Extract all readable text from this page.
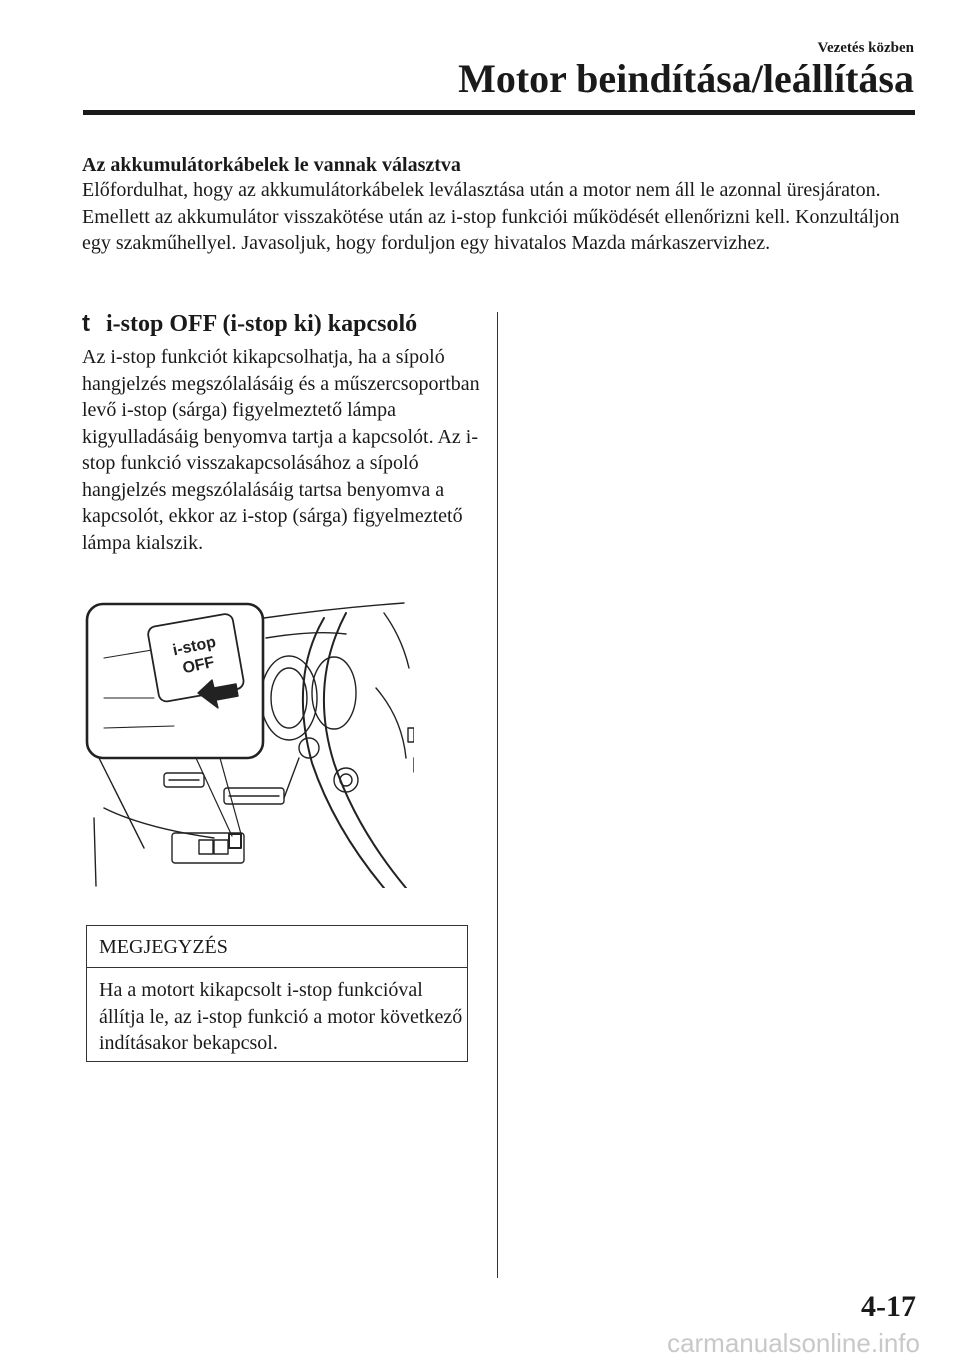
Vezetés közben
Motor beindítása/leállítása
Az akkumulátorkábelek le vannak választva
Előfordulhat, hogy az akkumulátorkábelek leválasztása után a motor nem áll le azonnal üresjáraton. Emellett az akkumulátor visszakötése után az i-stop funkciói működését ellenőrizni kell. Konzultáljon egy szakműhellyel. Javasoljuk, hogy forduljon egy hivatalos Mazda márkaszervizhez.
t i-stop OFF (i-stop ki) kapcsoló
Az i-stop funkciót kikapcsolhatja, ha a sípoló hangjelzés megszólalásáig és a műszercsoportban levő i-stop (sárga) figyelmeztető lámpa kigyulladásáig benyomva tartja a kapcsolót. Az i-stop funkció visszakapcsolásához a sípoló hangjelzés megszólalásáig tartsa benyomva a kapcsolót, ekkor az i-stop (sárga) figyelmeztető lámpa kialszik.
i-stop
OFF
MEGJEGYZÉS
Ha a motort kikapcsolt i-stop funkcióval állítja le, az i-stop funkció a motor következő indításakor bekapcsol.
4-17
carmanualsonline.info
